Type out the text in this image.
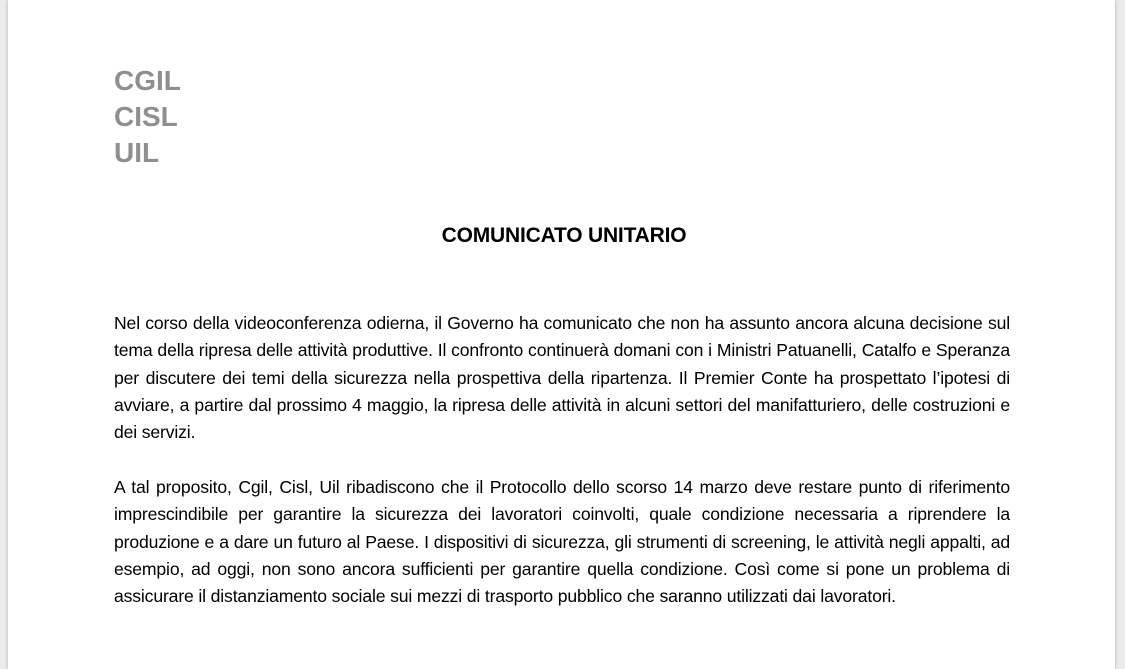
CGIL
CISL
UIL
COMUNICATO UNITARIO
Nel corso della videoconferenza odierna, il Governo ha comunicato che non ha assunto ancora alcuna decisione sul tema della ripresa delle attività produttive. Il confronto continuerà domani con i Ministri Patuanelli, Catalfo e Speranza per discutere dei temi della sicurezza nella prospettiva della ripartenza. Il Premier Conte ha prospettato l’ipotesi di avviare, a partire dal prossimo 4 maggio, la ripresa delle attività in alcuni settori del manifatturiero, delle costruzioni e dei servizi.
A tal proposito, Cgil, Cisl, Uil ribadiscono che il Protocollo dello scorso 14 marzo deve restare punto di riferimento imprescindibile per garantire la sicurezza dei lavoratori coinvolti, quale condizione necessaria a riprendere la produzione e a dare un futuro al Paese. I dispositivi di sicurezza, gli strumenti di screening, le attività negli appalti, ad esempio, ad oggi, non sono ancora sufficienti per garantire quella condizione. Così come si pone un problema di assicurare il distanziamento sociale sui mezzi di trasporto pubblico che saranno utilizzati dai lavoratori.
